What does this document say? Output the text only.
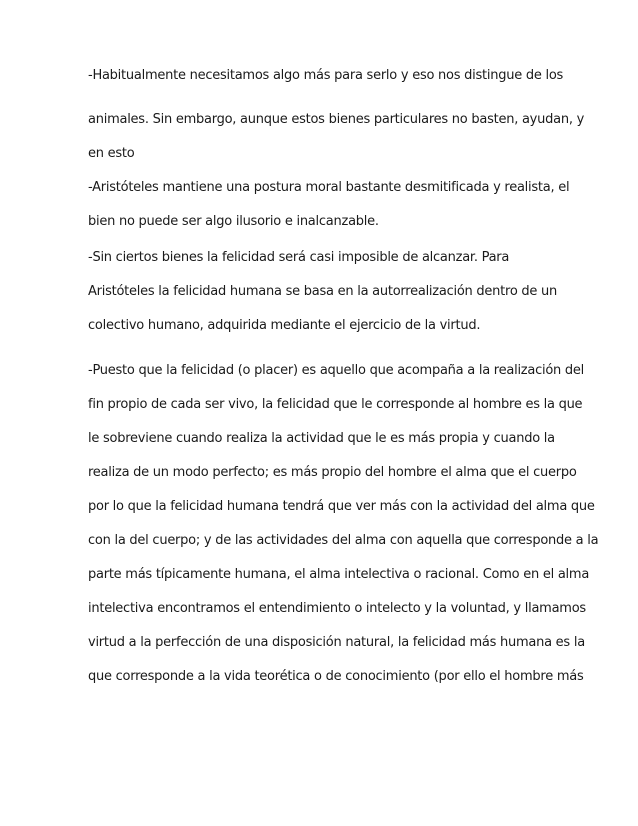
-Habitualmente necesitamos algo más para serlo y eso nos distingue de los
animales. Sin embargo, aunque estos bienes particulares no basten, ayudan, y
en esto
-Aristóteles mantiene una postura moral bastante desmitificada y realista, el
bien no puede ser algo ilusorio e inalcanzable.
-Sin ciertos bienes la felicidad será casi imposible de alcanzar. Para
Aristóteles la felicidad humana se basa en la autorrealización dentro de un
colectivo humano, adquirida mediante el ejercicio de la virtud.
-Puesto que la felicidad (o placer) es aquello que acompaña a la realización del
fin propio de cada ser vivo, la felicidad que le corresponde al hombre es la que
le sobreviene cuando realiza la actividad que le es más propia y cuando la
realiza de un modo perfecto; es más propio del hombre el alma que el cuerpo
por lo que la felicidad humana tendrá que ver más con la actividad del alma que
con la del cuerpo; y de las actividades del alma con aquella que corresponde a la
parte más típicamente humana, el alma intelectiva o racional. Como en el alma
intelectiva encontramos el entendimiento o intelecto y la voluntad, y llamamos
virtud a la perfección de una disposición natural, la felicidad más humana es la
que corresponde a la vida teorética o de conocimiento (por ello el hombre más
